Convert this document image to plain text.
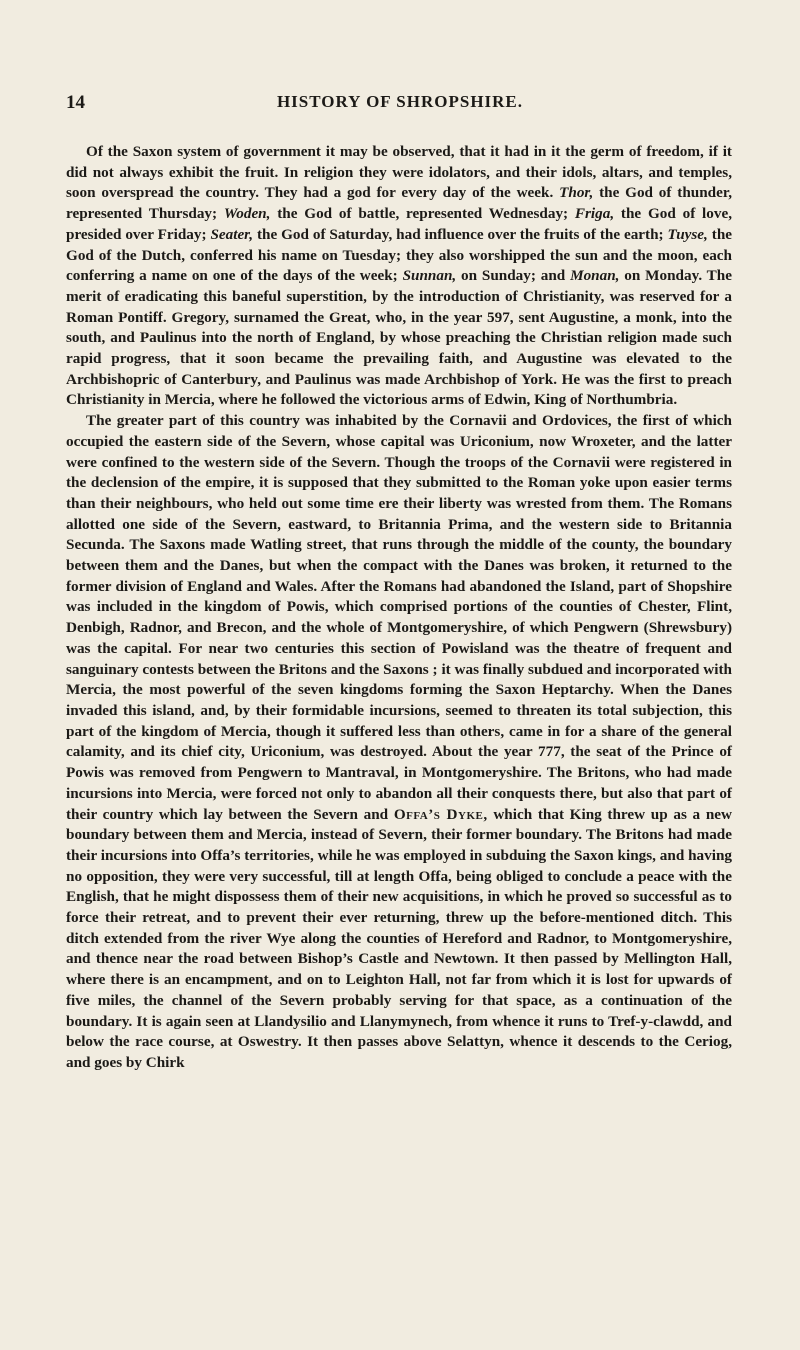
14	HISTORY OF SHROPSHIRE.

Of the Saxon system of government it may be observed, that it had in it the germ of freedom, if it did not always exhibit the fruit. In religion they were idolators, and their idols, altars, and temples, soon overspread the country. They had a god for every day of the week. Thor, the God of thunder, represented Thursday; Woden, the God of battle, represented Wednesday; Friga, the God of love, presided over Friday; Seater, the God of Saturday, had influence over the fruits of the earth; Tuyse, the God of the Dutch, conferred his name on Tuesday; they also worshipped the sun and the moon, each conferring a name on one of the days of the week; Sunnan, on Sunday; and Monan, on Monday. The merit of eradicating this baneful superstition, by the introduction of Christianity, was reserved for a Roman Pontiff. Gregory, surnamed the Great, who, in the year 597, sent Augustine, a monk, into the south, and Paulinus into the north of England, by whose preaching the Christian religion made such rapid progress, that it soon became the prevailing faith, and Augustine was elevated to the Archbishopric of Canterbury, and Paulinus was made Archbishop of York. He was the first to preach Christianity in Mercia, where he followed the victorious arms of Edwin, King of Northumbria.

The greater part of this country was inhabited by the Cornavii and Ordovices, the first of which occupied the eastern side of the Severn, whose capital was Uriconium, now Wroxeter, and the latter were confined to the western side of the Severn. Though the troops of the Cornavii were registered in the declension of the empire, it is supposed that they submitted to the Roman yoke upon easier terms than their neighbours, who held out some time ere their liberty was wrested from them. The Romans allotted one side of the Severn, eastward, to Britannia Prima, and the western side to Britannia Secunda. The Saxons made Watling street, that runs through the middle of the county, the boundary between them and the Danes, but when the compact with the Danes was broken, it returned to the former division of England and Wales. After the Romans had abandoned the Island, part of Shopshire was included in the kingdom of Powis, which comprised portions of the counties of Chester, Flint, Denbigh, Radnor, and Brecon, and the whole of Montgomeryshire, of which Pengwern (Shrewsbury) was the capital. For near two centuries this section of Powisland was the theatre of frequent and sanguinary contests between the Britons and the Saxons ; it was finally subdued and incorporated with Mercia, the most powerful of the seven kingdoms forming the Saxon Heptarchy. When the Danes invaded this island, and, by their formidable incursions, seemed to threaten its total subjection, this part of the kingdom of Mercia, though it suffered less than others, came in for a share of the general calamity, and its chief city, Uriconium, was destroyed. About the year 777, the seat of the Prince of Powis was removed from Pengwern to Mantraval, in Montgomeryshire. The Britons, who had made incursions into Mercia, were forced not only to abandon all their conquests there, but also that part of their country which lay between the Severn and Offa’s Dyke, which that King threw up as a new boundary between them and Mercia, instead of Severn, their former boundary. The Britons had made their incursions into Offa’s territories, while he was employed in subduing the Saxon kings, and having no opposition, they were very successful, till at length Offa, being obliged to conclude a peace with the English, that he might dispossess them of their new acquisitions, in which he proved so successful as to force their retreat, and to prevent their ever returning, threw up the before-mentioned ditch. This ditch extended from the river Wye along the counties of Hereford and Radnor, to Montgomeryshire, and thence near the road between Bishop’s Castle and Newtown. It then passed by Mellington Hall, where there is an encampment, and on to Leighton Hall, not far from which it is lost for upwards of five miles, the channel of the Severn probably serving for that space, as a continuation of the boundary. It is again seen at Llandysilio and Llanymynech, from whence it runs to Tref-y-clawdd, and below the race course, at Oswestry. It then passes above Selattyn, whence it descends to the Ceriog, and goes by Chirk
